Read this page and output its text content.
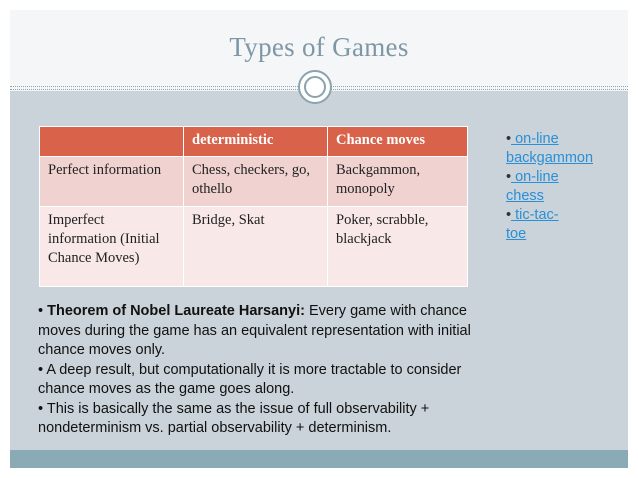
Types of Games
	deterministic	Chance moves
Perfect information	Chess, checkers, go, othello	Backgammon, monopoly
Imperfect information (Initial Chance Moves)	Bridge, Skat	Poker, scrabble, blackjack
• on-line backgammon
• on-line chess
• tic-tac-toe
• Theorem of Nobel Laureate Harsanyi: Every game with chance moves during the game has an equivalent representation with initial chance moves only.
• A deep result, but computationally it is more tractable to consider chance moves as the game goes along.
• This is basically the same as the issue of full observability + nondeterminism vs. partial observability + determinism.
